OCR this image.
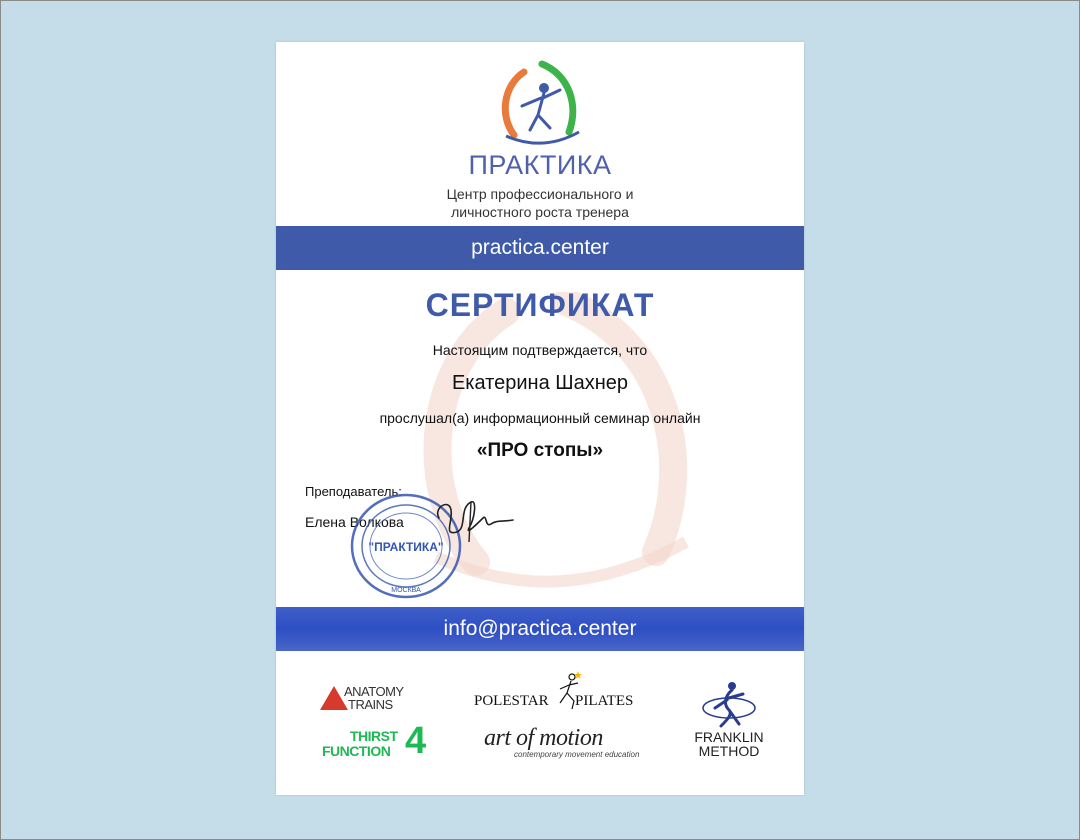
ПРАКТИКА
Центр профессионального и
личностного роста тренера
practica.center
СЕРТИФИКАТ
Настоящим подтверждается, что
Екатерина Шахнер
прослушал(а) информационный семинар онлайн
«ПРО стопы»
Преподаватель:
Елена Волкова
"ПРАКТИКА"
МОСКВА
info@practica.center
ANATOMY
TRAINS
THIRST
FUNCTION 4
POLESTAR PILATES
art of motion
contemporary movement education
FRANKLIN
METHOD
